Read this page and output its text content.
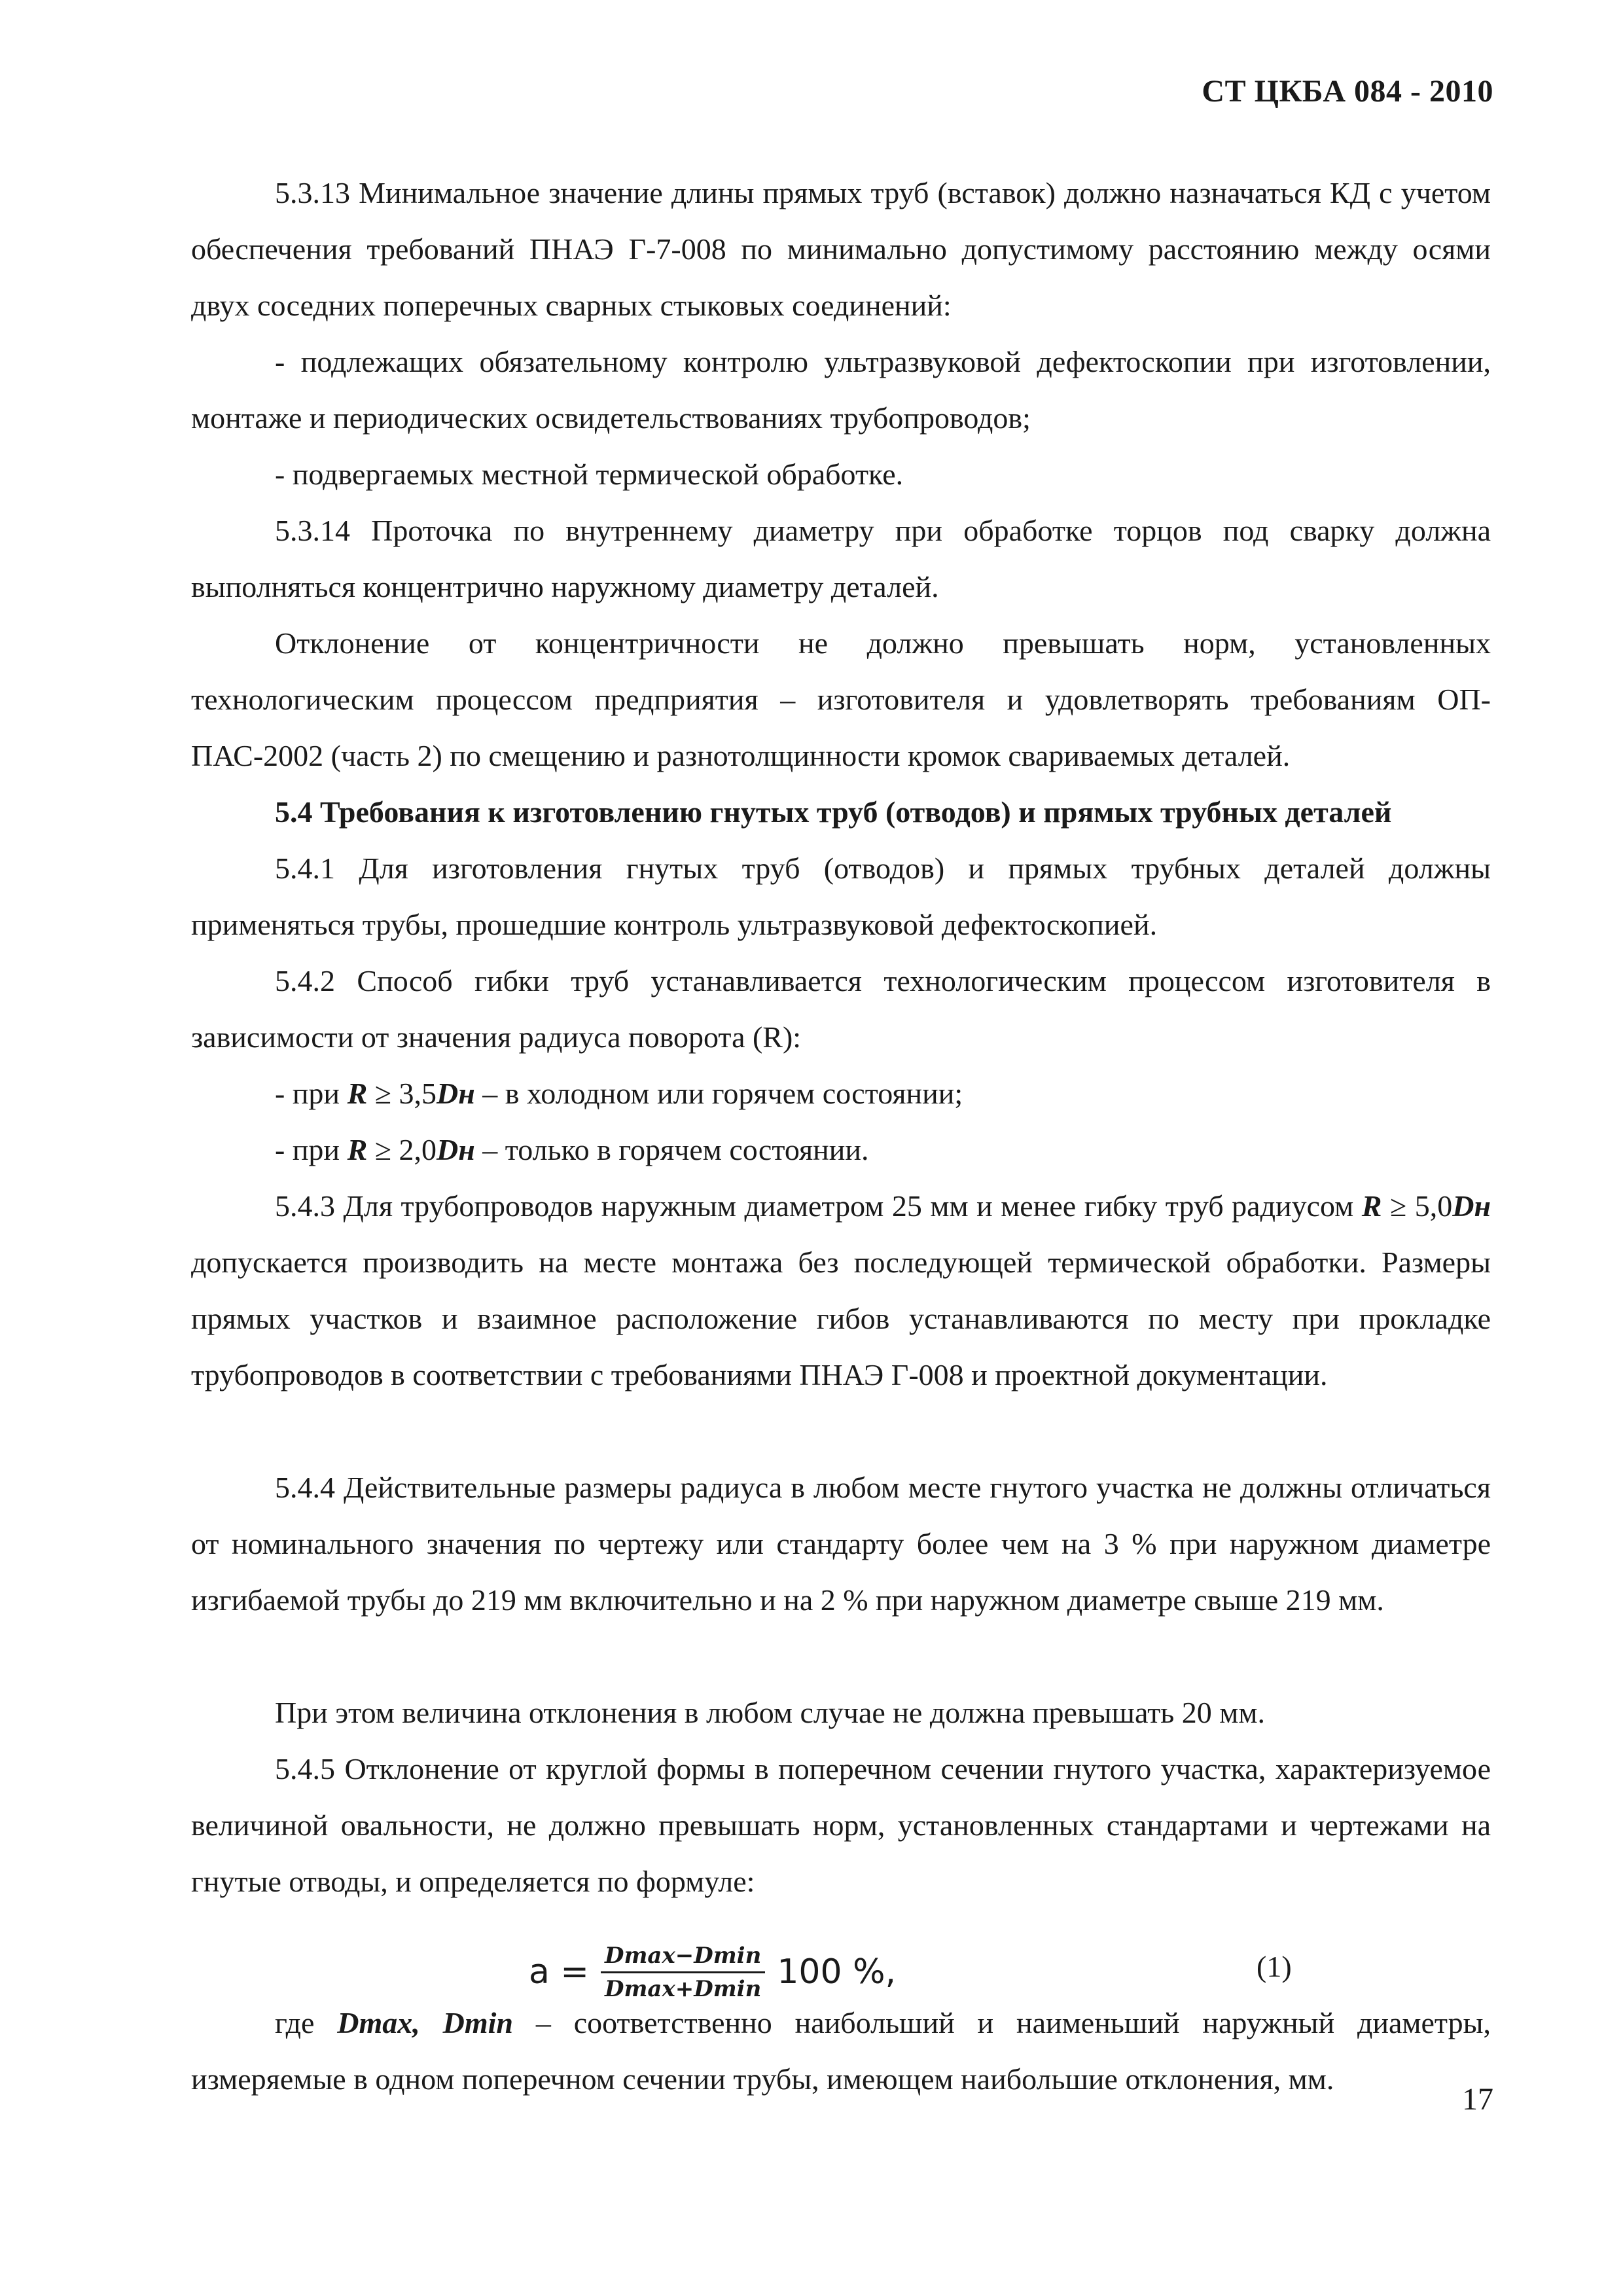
СТ ЦКБА 084 - 2010

5.3.13 Минимальное значение длины прямых труб (вставок) должно назначаться КД с учетом обеспечения требований ПНАЭ Г-7-008 по минимально допустимому расстоянию между осями двух соседних поперечных сварных стыковых соединений:

- подлежащих обязательному контролю ультразвуковой дефектоскопии при изготовлении, монтаже и периодических освидетельствованиях трубопроводов;

- подвергаемых местной термической обработке.

5.3.14 Проточка по внутреннему диаметру при обработке торцов под сварку должна выполняться концентрично наружному диаметру деталей.

Отклонение от концентричности не должно превышать норм, установленных технологическим процессом предприятия – изготовителя и удовлетворять требованиям ОП-ПАС-2002 (часть 2) по смещению и разнотолщинности кромок свариваемых деталей.

5.4 Требования к изготовлению гнутых труб (отводов) и прямых трубных деталей

5.4.1 Для изготовления гнутых труб (отводов) и прямых трубных деталей должны применяться трубы, прошедшие контроль ультразвуковой дефектоскопией.

5.4.2 Способ гибки труб устанавливается технологическим процессом изготовителя в зависимости от значения радиуса поворота (R):

- при R ≥ 3,5Dн – в холодном или горячем состоянии;

- при R ≥ 2,0Dн – только в горячем состоянии.

5.4.3 Для трубопроводов наружным диаметром 25 мм и менее гибку труб радиусом R ≥ 5,0Dн допускается производить на месте монтажа без последующей термической обработки. Размеры прямых участков и взаимное расположение гибов устанавливаются по месту при прокладке трубопроводов в соответствии с требованиями ПНАЭ Г-008 и проектной документации.

5.4.4 Действительные размеры радиуса в любом месте гнутого участка не должны отличаться от номинального значения по чертежу или стандарту более чем на 3 % при наружном диаметре изгибаемой трубы до 219 мм включительно и на 2 % при наружном диаметре свыше 219 мм.

При этом величина отклонения в любом случае не должна превышать 20 мм.

5.4.5 Отклонение от круглой формы в поперечном сечении гнутого участка, характеризуемое величиной овальности, не должно превышать норм, установленных стандартами и чертежами на гнутые отводы, и определяется по формуле:

$a = \frac{Dmax-Dmin}{Dmax+Dmin} 100$ %,	(1)

где Dmax, Dmin – соответственно наибольший и наименьший наружный диаметры, измеряемые в одном поперечном сечении трубы, имеющем наибольшие отклонения, мм.

17
